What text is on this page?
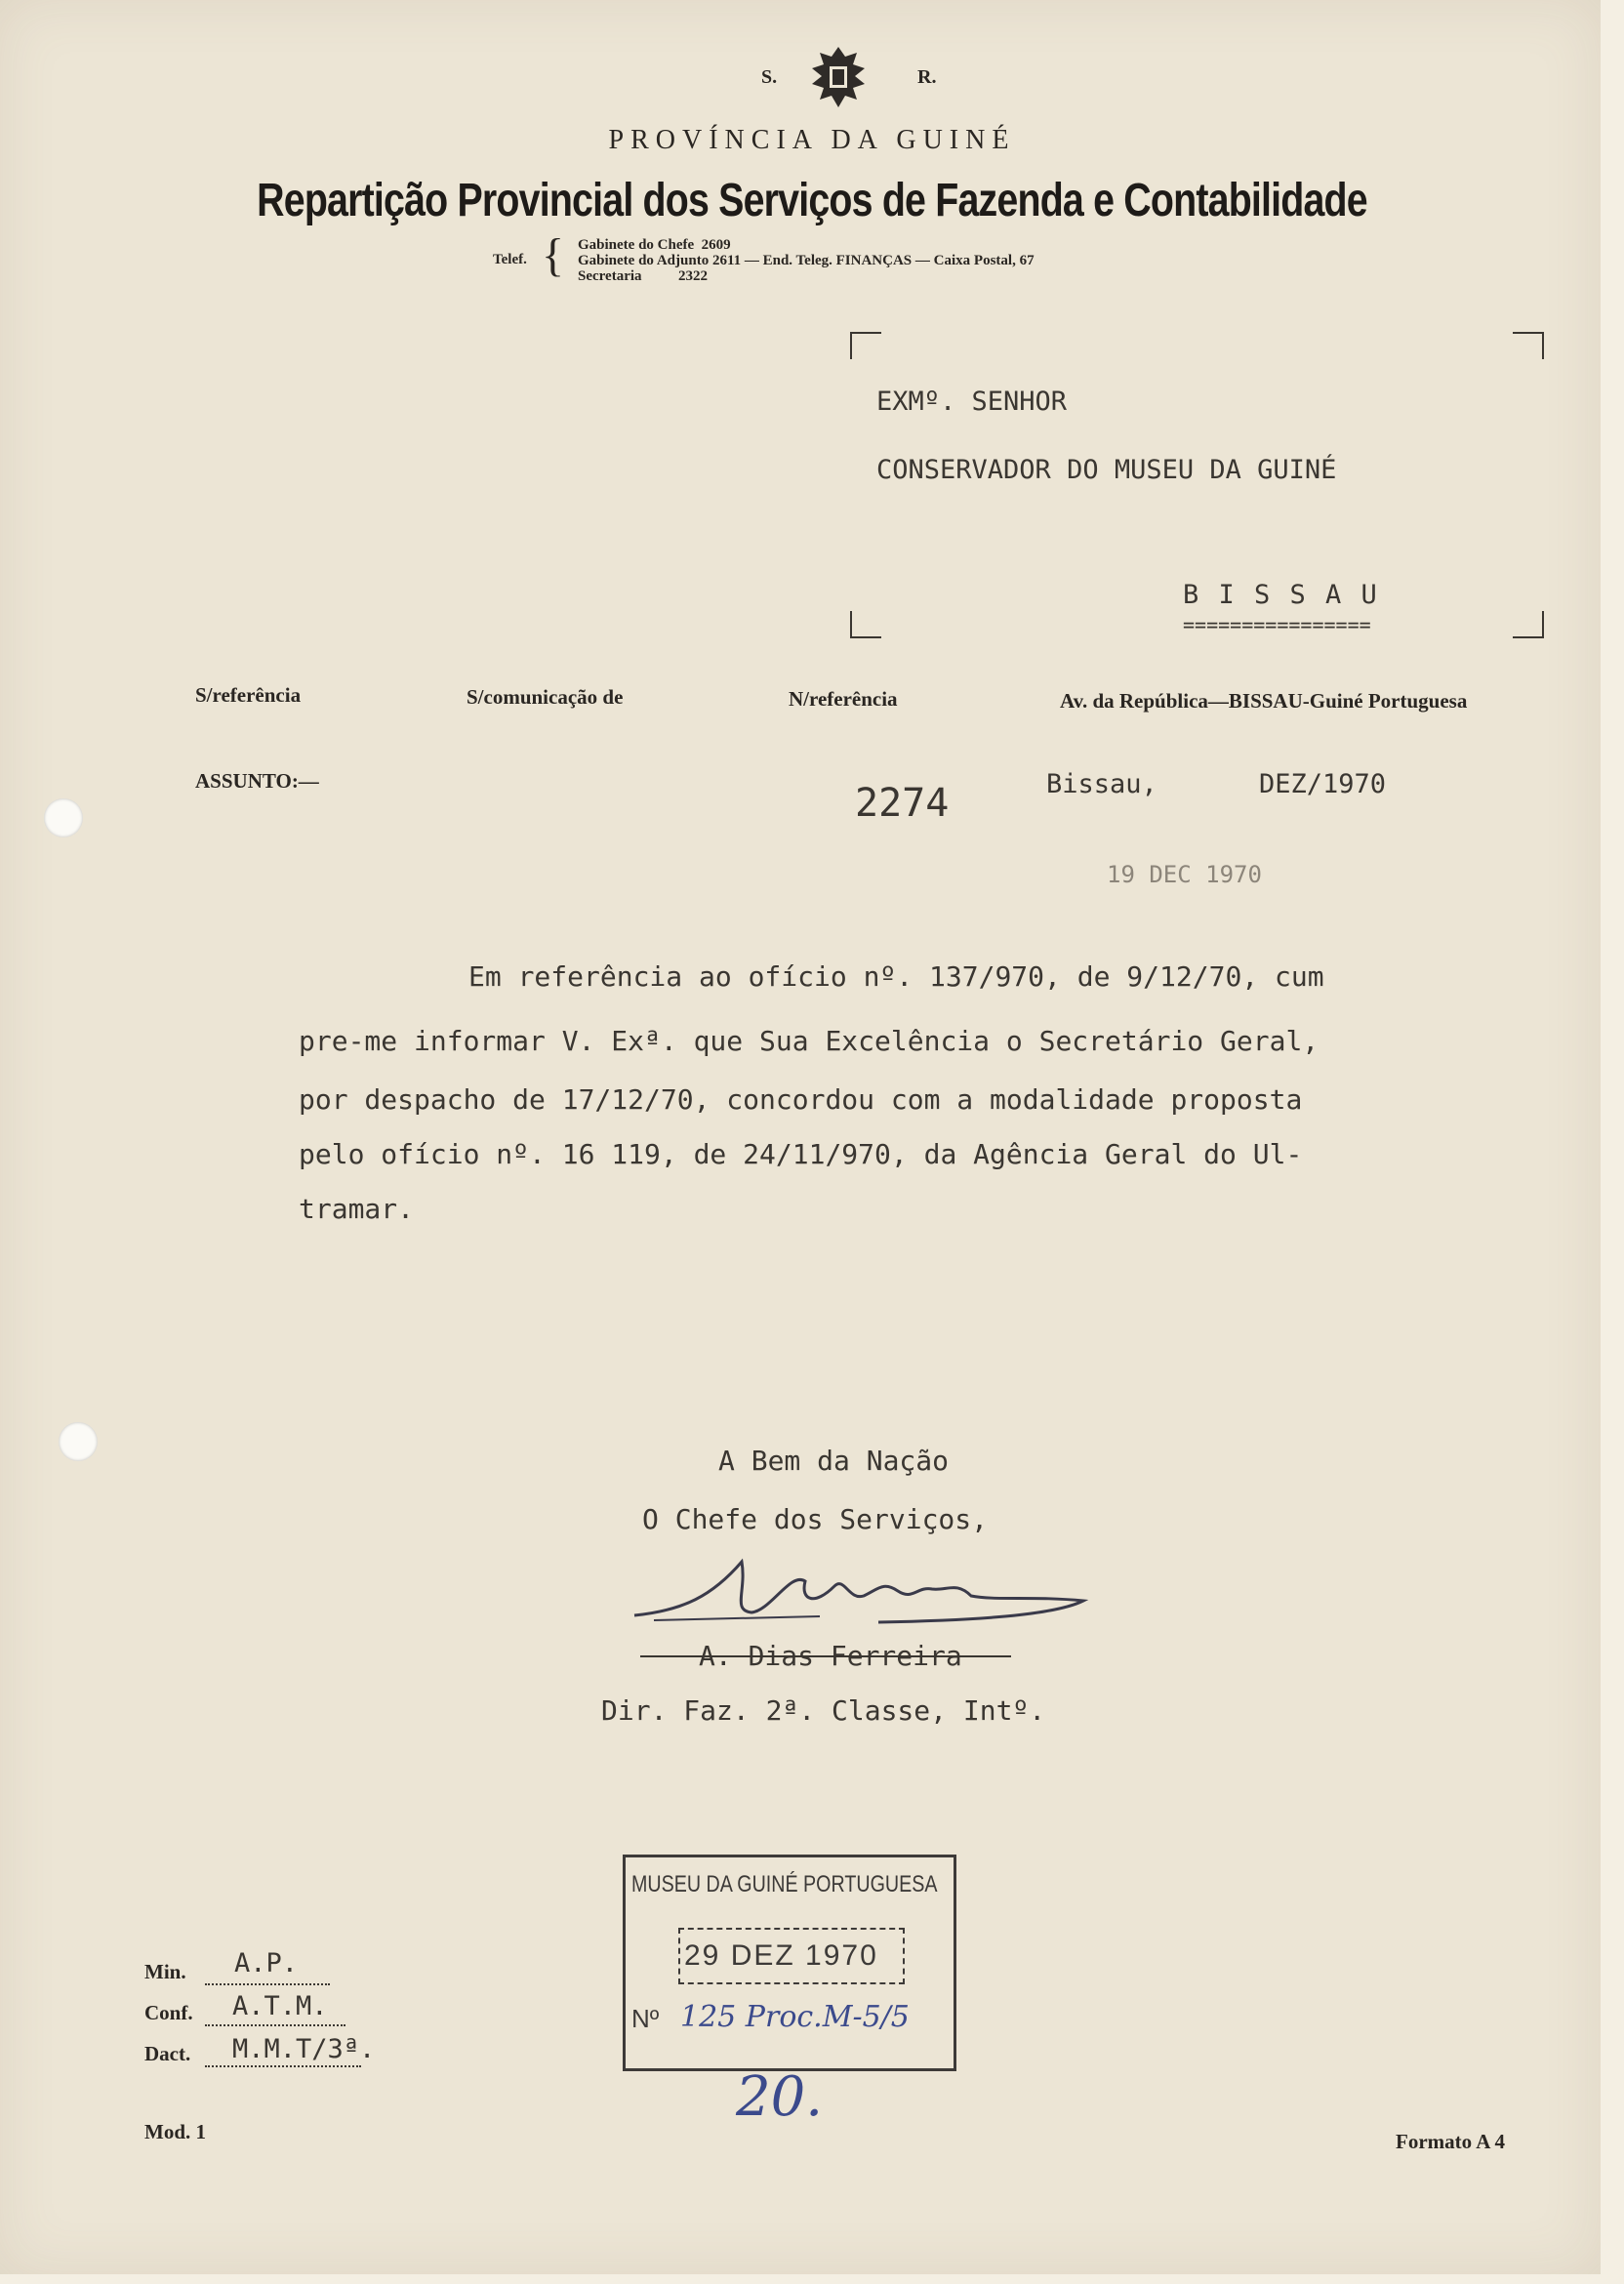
S.	R.
PROVÍNCIA DA GUINÉ
Repartição Provincial dos Serviços de Fazenda e Contabilidade
Telef. { Gabinete do Chefe  2609
Gabinete do Adjunto 2611 — End. Teleg. FINANÇAS — Caixa Postal, 67
Secretaria          2322
EXMº. SENHOR
CONSERVADOR DO MUSEU DA GUINÉ
B I S S A U
================
S/referência	S/comunicação de	N/referência	Av. da República—BISSAU-Guiné Portuguesa
ASSUNTO:—	2274	Bissau,	DEZ/1970
19 DEC 1970
Em referência ao ofício nº. 137/970, de 9/12/70, cum
pre-me informar V. Exª. que Sua Excelência o Secretário Geral,
por despacho de 17/12/70, concordou com a modalidade proposta
pelo ofício nº. 16 119, de 24/11/970, da Agência Geral do Ul-
tramar.
A Bem da Nação
O Chefe dos Serviços,
A. Dias Ferreira
Dir. Faz. 2ª. Classe, Intº.
MUSEU DA GUINÉ PORTUGUESA
29 DEZ 1970
Nº 125 Proc.M-5/5
20.
Min. A.P.
Conf. A.T.M.
Dact. M.M.T/3ª.
Mod. 1	Formato A 4
